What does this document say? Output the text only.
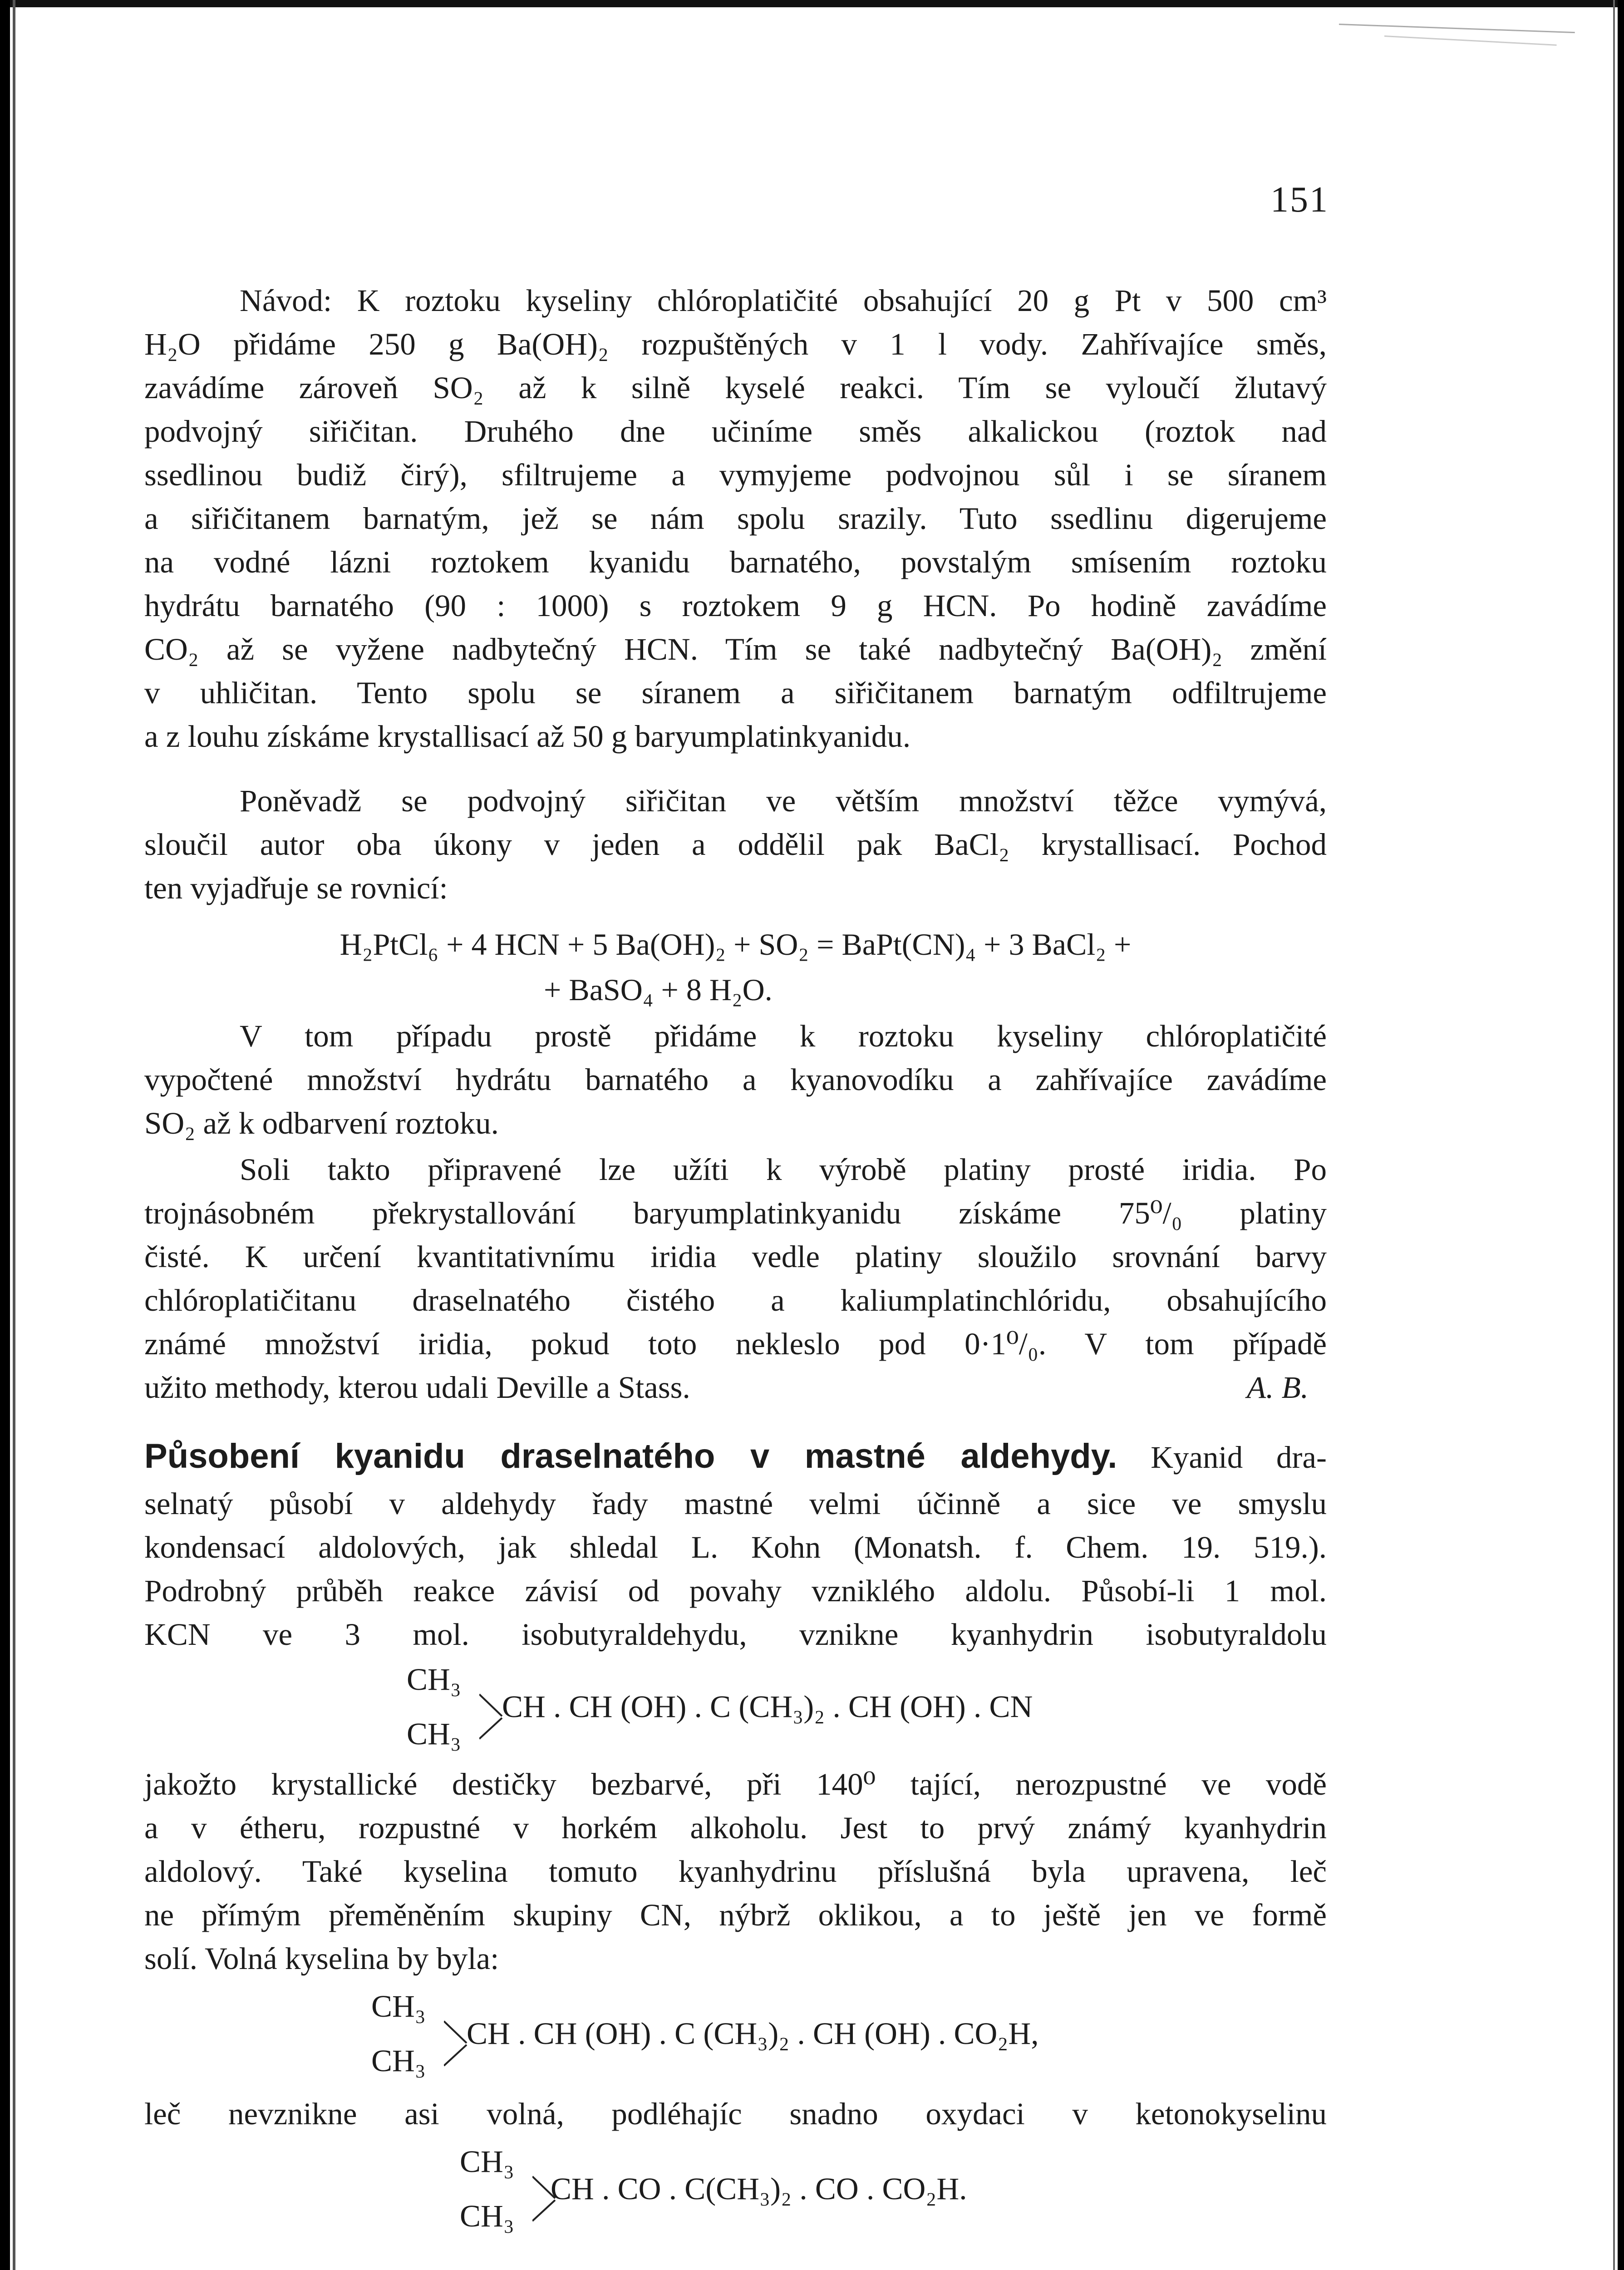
151
Návod: K roztoku kyseliny chlóroplatičité obsahující 20 g Pt v 500 cm³
H₂O přidáme 250 g Ba(OH)₂ rozpuštěných v 1 l vody. Zahřívajíce směs,
zavádíme zároveň SO₂ až k silně kyselé reakci. Tím se vyloučí žlutavý
podvojný siřičitan. Druhého dne učiníme směs alkalickou (roztok nad
ssedlinou budiž čirý), sfiltrujeme a vymyjeme podvojnou sůl i se síranem
a siřičitanem barnatým, jež se nám spolu srazily. Tuto ssedlinu digerujeme
na vodné lázni roztokem kyanidu barnatého, povstalým smísením roztoku
hydrátu barnatého (90 : 1000) s roztokem 9 g HCN. Po hodině zavádíme
CO₂ až se vyžene nadbytečný HCN. Tím se také nadbytečný Ba(OH)₂ změní
v uhličitan. Tento spolu se síranem a siřičitanem barnatým odfiltrujeme
a z louhu získáme krystallisací až 50 g baryumplatinkyanidu.
Poněvadž se podvojný siřičitan ve větším množství těžce vymývá,
sloučil autor oba úkony v jeden a oddělil pak BaCl₂ krystallisací. Pochod
ten vyjadřuje se rovnicí:
H₂PtCl₆ + 4 HCN + 5 Ba(OH)₂ + SO₂ = BaPt(CN)₄ + 3 BaCl₂ +
+ BaSO₄ + 8 H₂O.
V tom případu prostě přidáme k roztoku kyseliny chlóroplatičité
vypočtené množství hydrátu barnatého a kyanovodíku a zahřívajíce zavádíme
SO₂ až k odbarvení roztoku.
Soli takto připravené lze užíti k výrobě platiny prosté iridia. Po
trojnásobném překrystallování baryumplatinkyanidu získáme 75⁰/₀ platiny
čisté. K určení kvantitativnímu iridia vedle platiny sloužilo srovnání barvy
chlóroplatičitanu draselnatého čistého a kaliumplatinchlóridu, obsahujícího
známé množství iridia, pokud toto nekleslo pod 0·1⁰/₀. V tom případě
užito methody, kterou udali Deville a Stass.	A. B.
Působení kyanidu draselnatého v mastné aldehydy. Kyanid dra-
selnatý působí v aldehydy řady mastné velmi účinně a sice ve smyslu
kondensací aldolových, jak shledal L. Kohn (Monatsh. f. Chem. 19. 519.).
Podrobný průběh reakce závisí od povahy vzniklého aldolu. Působí-li 1 mol.
KCN ve 3 mol. isobutyraldehydu, vznikne kyanhydrin isobutyraldolu
CH₃
CH₃
CH . CH (OH) . C (CH₃)₂ . CH (OH) . CN
jakožto krystallické destičky bezbarvé, při 140⁰ tající, nerozpustné ve vodě
a v étheru, rozpustné v horkém alkoholu. Jest to prvý známý kyanhydrin
aldolový. Také kyselina tomuto kyanhydrinu příslušná byla upravena, leč
ne přímým přeměněním skupiny CN, nýbrž oklikou, a to ještě jen ve formě
solí. Volná kyselina by byla:
CH₃
CH₃
CH . CH (OH) . C (CH₃)₂ . CH (OH) . CO₂H,
leč nevznikne asi volná, podléhajíc snadno oxydaci v ketonokyselinu
CH₃
CH₃
CH . CO . C(CH₃)₂ . CO . CO₂H.
